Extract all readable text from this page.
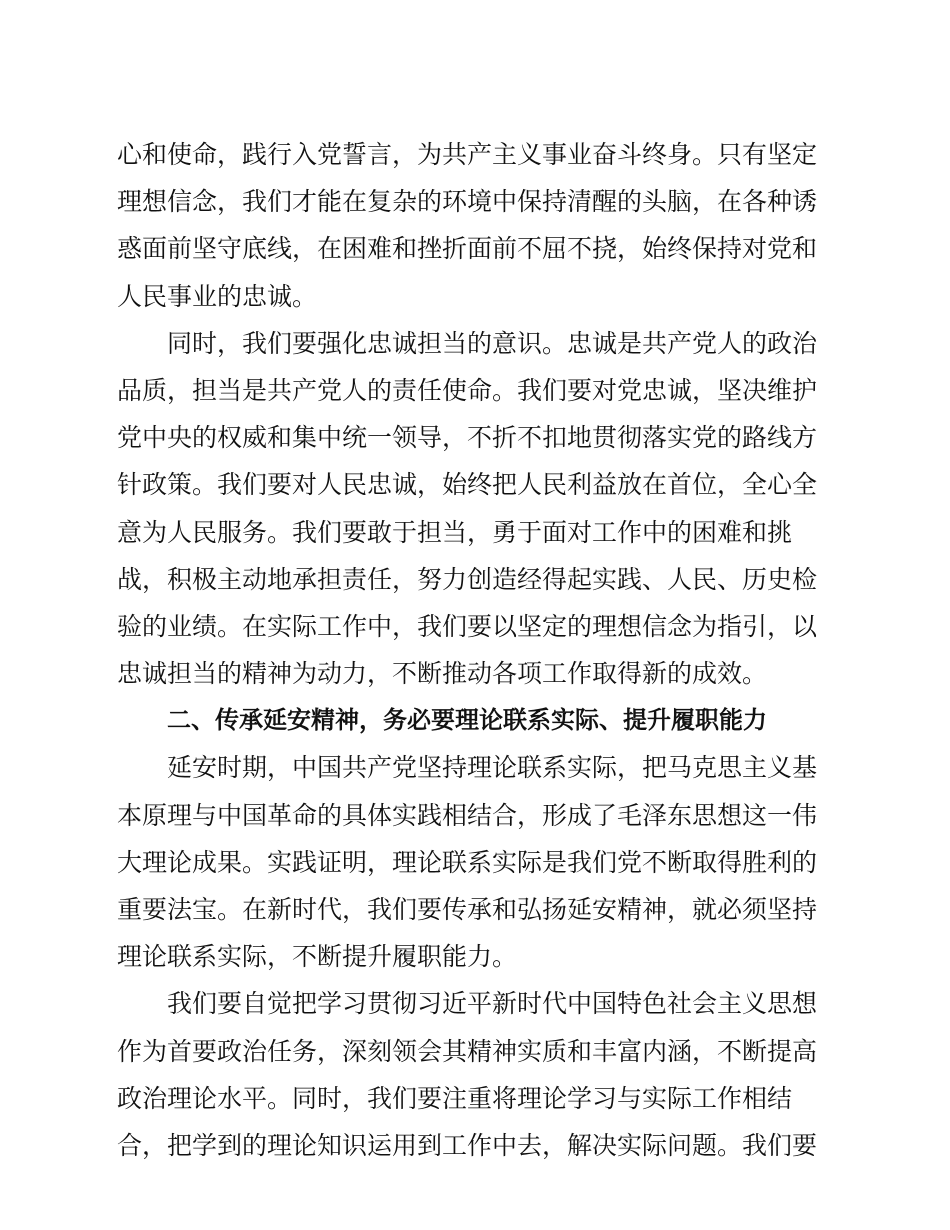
心和使命，践行入党誓言，为共产主义事业奋斗终身。只有坚定
理想信念，我们才能在复杂的环境中保持清醒的头脑，在各种诱
惑面前坚守底线，在困难和挫折面前不屈不挠，始终保持对党和
人民事业的忠诚。
同时，我们要强化忠诚担当的意识。忠诚是共产党人的政治
品质，担当是共产党人的责任使命。我们要对党忠诚，坚决维护
党中央的权威和集中统一领导，不折不扣地贯彻落实党的路线方
针政策。我们要对人民忠诚，始终把人民利益放在首位，全心全
意为人民服务。我们要敢于担当，勇于面对工作中的困难和挑
战，积极主动地承担责任，努力创造经得起实践、人民、历史检
验的业绩。在实际工作中，我们要以坚定的理想信念为指引，以
忠诚担当的精神为动力，不断推动各项工作取得新的成效。
二、传承延安精神，务必要理论联系实际、提升履职能力
延安时期，中国共产党坚持理论联系实际，把马克思主义基
本原理与中国革命的具体实践相结合，形成了毛泽东思想这一伟
大理论成果。实践证明，理论联系实际是我们党不断取得胜利的
重要法宝。在新时代，我们要传承和弘扬延安精神，就必须坚持
理论联系实际，不断提升履职能力。
我们要自觉把学习贯彻习近平新时代中国特色社会主义思想
作为首要政治任务，深刻领会其精神实质和丰富内涵，不断提高
政治理论水平。同时，我们要注重将理论学习与实际工作相结
合，把学到的理论知识运用到工作中去，解决实际问题。我们要
